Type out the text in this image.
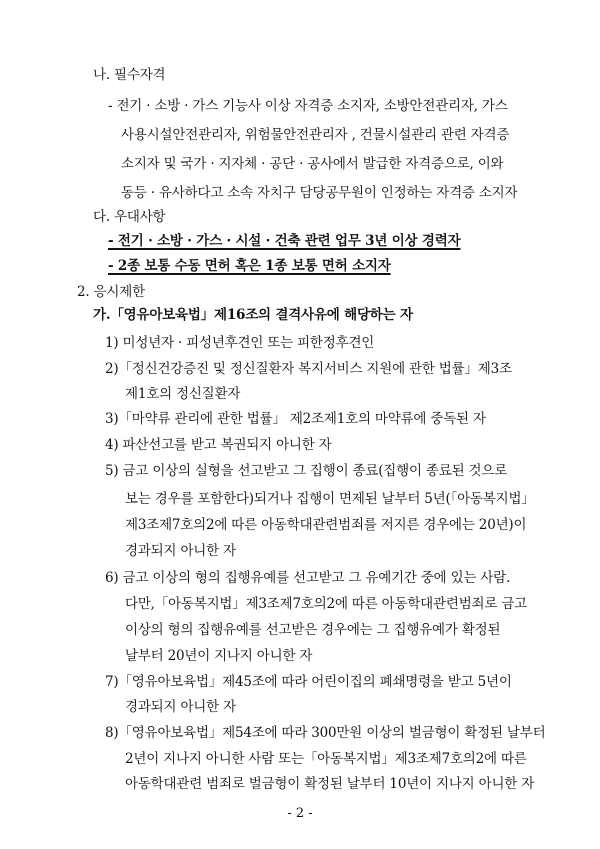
나. 필수자격
- 전기 · 소방 · 가스 기능사 이상 자격증 소지자, 소방안전관리자, 가스
사용시설안전관리자, 위험물안전관리자 , 건물시설관리 관련 자격증
소지자 및 국가 · 지자체 · 공단 · 공사에서 발급한 자격증으로, 이와
동등 · 유사하다고 소속 자치구 담당공무원이 인정하는 자격증 소지자
다. 우대사항
- 전기 · 소방 · 가스 · 시설 · 건축 관련 업무 3년 이상 경력자
- 2종 보통 수동 면허 혹은 1종 보통 면허 소지자
2. 응시제한
가.「영유아보육법」제16조의 결격사유에 해당하는 자
1) 미성년자 · 피성년후견인 또는 피한정후견인
2)「정신건강증진 및 정신질환자 복지서비스 지원에 관한 법률」제3조
제1호의 정신질환자
3)「마약류 관리에 관한 법률」 제2조제1호의 마약류에 중독된 자
4) 파산선고를 받고 복권되지 아니한 자
5) 금고 이상의 실형을 선고받고 그 집행이 종료(집행이 종료된 것으로
보는 경우를 포함한다)되거나 집행이 면제된 날부터 5년(「아동복지법」
제3조제7호의2에 따른 아동학대관련범죄를 저지른 경우에는 20년)이
경과되지 아니한 자
6) 금고 이상의 형의 집행유예를 선고받고 그 유예기간 중에 있는 사람.
다만,「아동복지법」제3조제7호의2에 따른 아동학대관련범죄로 금고
이상의 형의 집행유예를 선고받은 경우에는 그 집행유예가 확정된
날부터 20년이 지나지 아니한 자
7)「영유아보육법」제45조에 따라 어린이집의 폐쇄명령을 받고 5년이
경과되지 아니한 자
8)「영유아보육법」제54조에 따라 300만원 이상의 벌금형이 확정된 날부터
2년이 지나지 아니한 사람 또는「아동복지법」제3조제7호의2에 따른
아동학대관련 범죄로 벌금형이 확정된 날부터 10년이 지나지 아니한 자
- 2 -
